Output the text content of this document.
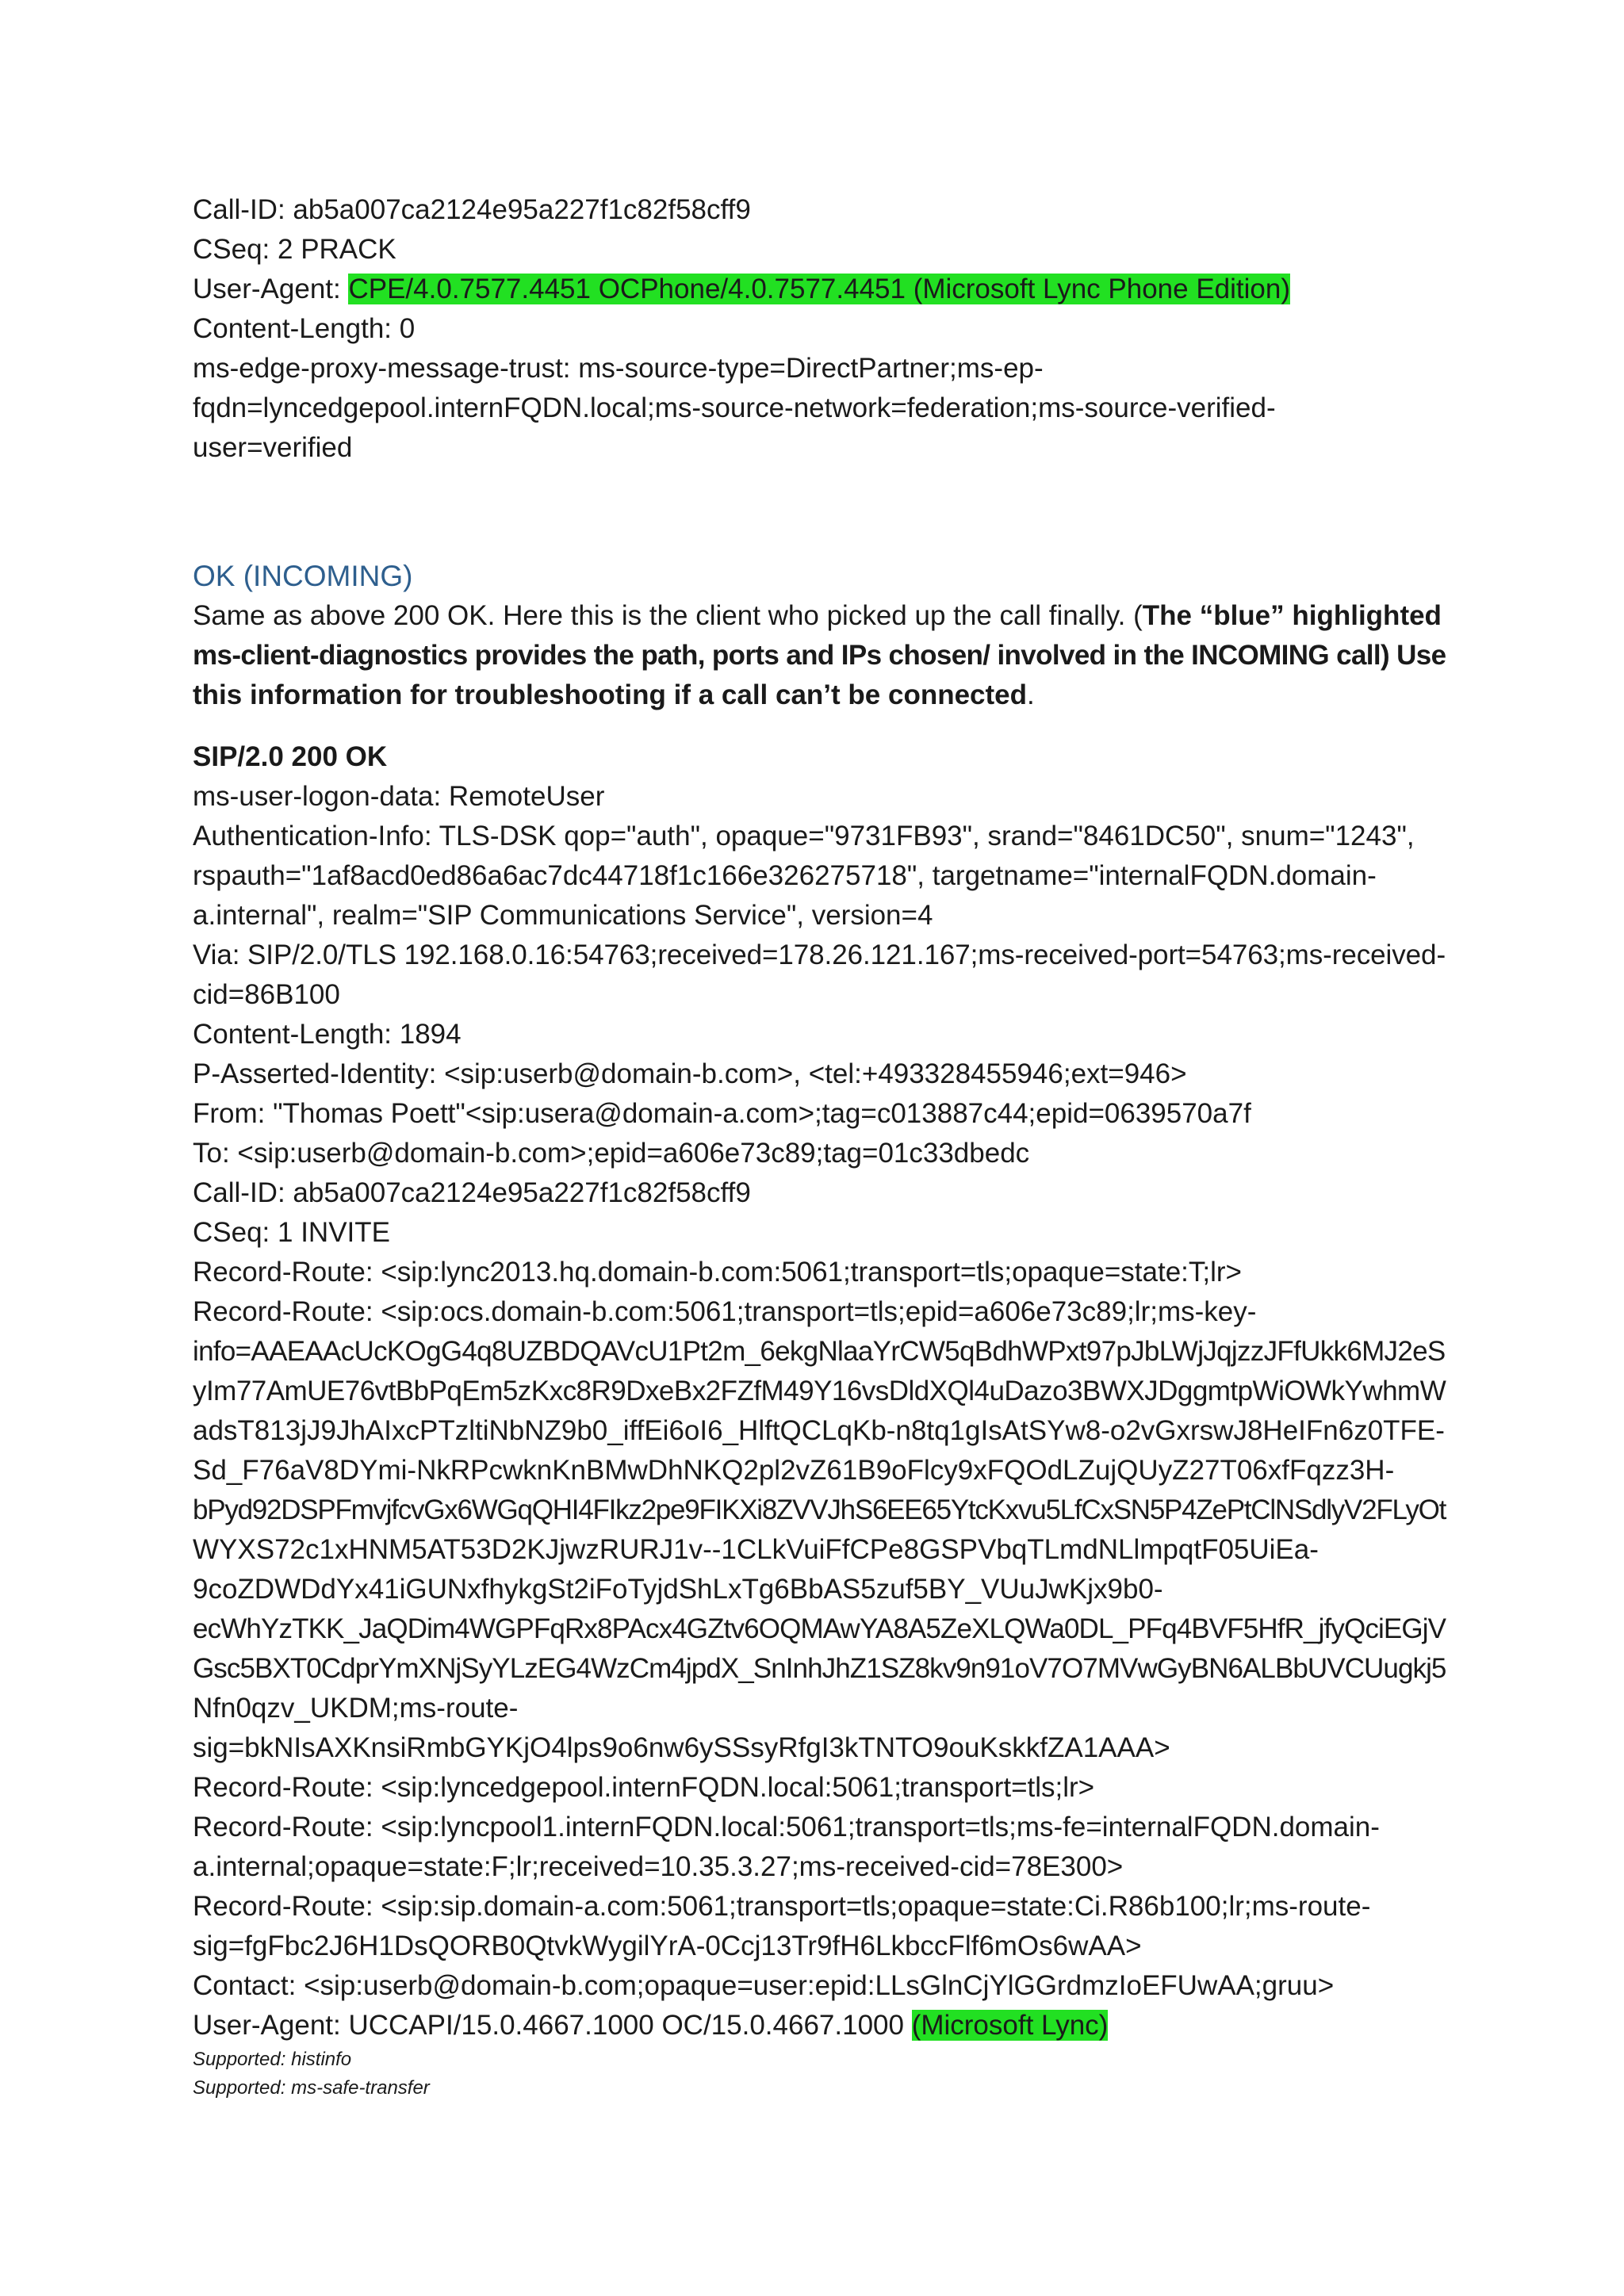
Call-ID: ab5a007ca2124e95a227f1c82f58cff9
CSeq: 2 PRACK
User-Agent: CPE/4.0.7577.4451 OCPhone/4.0.7577.4451 (Microsoft Lync Phone Edition)
Content-Length: 0
ms-edge-proxy-message-trust: ms-source-type=DirectPartner;ms-ep-
fqdn=lyncedgepool.internFQDN.local;ms-source-network=federation;ms-source-verified-
user=verified
OK (INCOMING)
Same as above 200 OK. Here this is the client who picked up the call finally. (The “blue” highlighted
ms-client-diagnostics provides the path, ports and IPs chosen/ involved in the INCOMING call) Use
this information for troubleshooting if a call can’t be connected.
SIP/2.0 200 OK
ms-user-logon-data: RemoteUser
Authentication-Info: TLS-DSK qop="auth", opaque="9731FB93", srand="8461DC50", snum="1243",
rspauth="1af8acd0ed86a6ac7dc44718f1c166e326275718", targetname="internalFQDN.domain-
a.internal", realm="SIP Communications Service", version=4
Via: SIP/2.0/TLS 192.168.0.16:54763;received=178.26.121.167;ms-received-port=54763;ms-received-
cid=86B100
Content-Length: 1894
P-Asserted-Identity: <sip:userb@domain-b.com>, <tel:+493328455946;ext=946>
From: "Thomas Poett"<sip:usera@domain-a.com>;tag=c013887c44;epid=0639570a7f
To: <sip:userb@domain-b.com>;epid=a606e73c89;tag=01c33dbedc
Call-ID: ab5a007ca2124e95a227f1c82f58cff9
CSeq: 1 INVITE
Record-Route: <sip:lync2013.hq.domain-b.com:5061;transport=tls;opaque=state:T;lr>
Record-Route: <sip:ocs.domain-b.com:5061;transport=tls;epid=a606e73c89;lr;ms-key-
info=AAEAAcUcKOgG4q8UZBDQAVcU1Pt2m_6ekgNlaaYrCW5qBdhWPxt97pJbLWjJqjzzJFfUkk6MJ2eS
yIm77AmUE76vtBbPqEm5zKxc8R9DxeBx2FZfM49Y16vsDldXQl4uDazo3BWXJDggmtpWiOWkYwhmW
adsT813jJ9JhAIxcPTzltiNbNZ9b0_iffEi6oI6_HlftQCLqKb-n8tq1gIsAtSYw8-o2vGxrswJ8HeIFn6z0TFE-
Sd_F76aV8DYmi-NkRPcwknKnBMwDhNKQ2pl2vZ61B9oFlcy9xFQOdLZujQUyZ27T06xfFqzz3H-
bPyd92DSPFmvjfcvGx6WGqQHI4FIkz2pe9FIKXi8ZVVJhS6EE65YtcKxvu5LfCxSN5P4ZePtClNSdlyV2FLyOt
WYXS72c1xHNM5AT53D2KJjwzRURJ1v--1CLkVuiFfCPe8GSPVbqTLmdNLlmpqtF05UiEa-
9coZDWDdYx41iGUNxfhykgSt2iFoTyjdShLxTg6BbAS5zuf5BY_VUuJwKjx9b0-
ecWhYzTKK_JaQDim4WGPFqRx8PAcx4GZtv6OQMAwYA8A5ZeXLQWa0DL_PFq4BVF5HfR_jfyQciEGjV
Gsc5BXT0CdprYmXNjSyYLzEG4WzCm4jpdX_SnInhJhZ1SZ8kv9n91oV7O7MVwGyBN6ALBbUVCUugkj5
Nfn0qzv_UKDM;ms-route-
sig=bkNIsAXKnsiRmbGYKjO4lps9o6nw6ySSsyRfgI3kTNTO9ouKskkfZA1AAA>
Record-Route: <sip:lyncedgepool.internFQDN.local:5061;transport=tls;lr>
Record-Route: <sip:lyncpool1.internFQDN.local:5061;transport=tls;ms-fe=internalFQDN.domain-
a.internal;opaque=state:F;lr;received=10.35.3.27;ms-received-cid=78E300>
Record-Route: <sip:sip.domain-a.com:5061;transport=tls;opaque=state:Ci.R86b100;lr;ms-route-
sig=fgFbc2J6H1DsQORB0QtvkWygilYrA-0Ccj13Tr9fH6LkbccFlf6mOs6wAA>
Contact: <sip:userb@domain-b.com;opaque=user:epid:LLsGlnCjYlGGrdmzIoEFUwAA;gruu>
User-Agent: UCCAPI/15.0.4667.1000 OC/15.0.4667.1000 (Microsoft Lync)
Supported: histinfo
Supported: ms-safe-transfer
